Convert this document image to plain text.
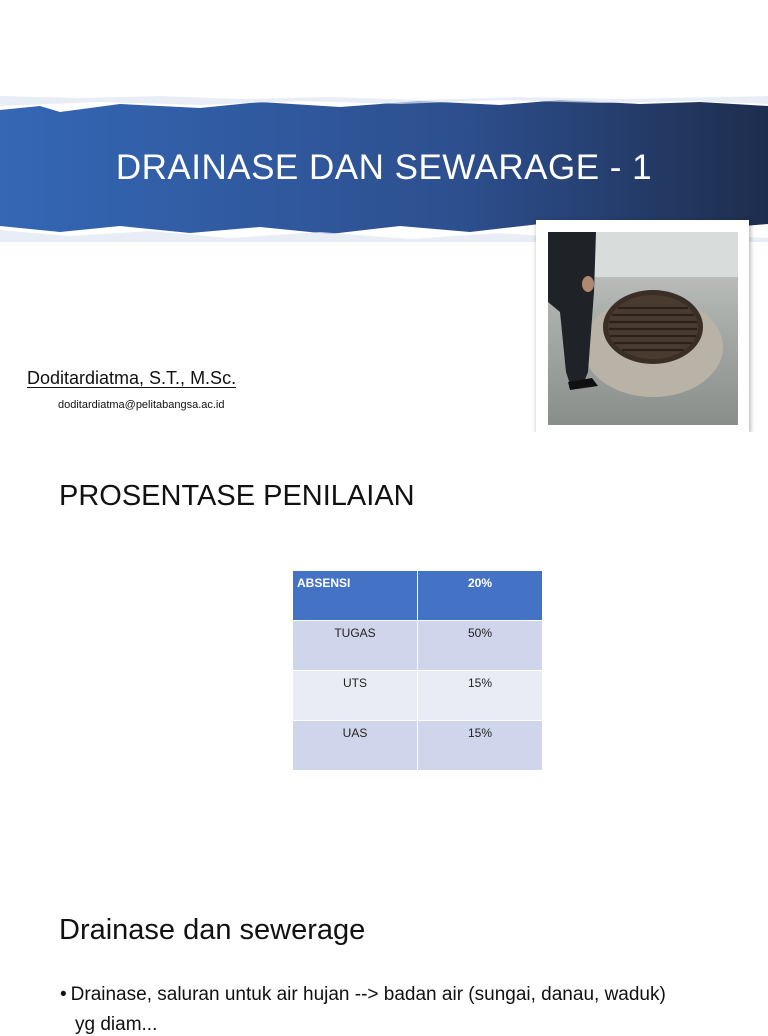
DRAINASE DAN SEWARAGE - 1
Doditardiatma, S.T., M.Sc.
doditardiatma@pelitabangsa.ac.id
PROSENTASE PENILAIAN
ABSENSI	20%
TUGAS	50%
UTS	15%
UAS	15%
Drainase dan sewerage
• Drainase, saluran untuk air hujan --> badan air (sungai, danau, waduk)
yg diam...
